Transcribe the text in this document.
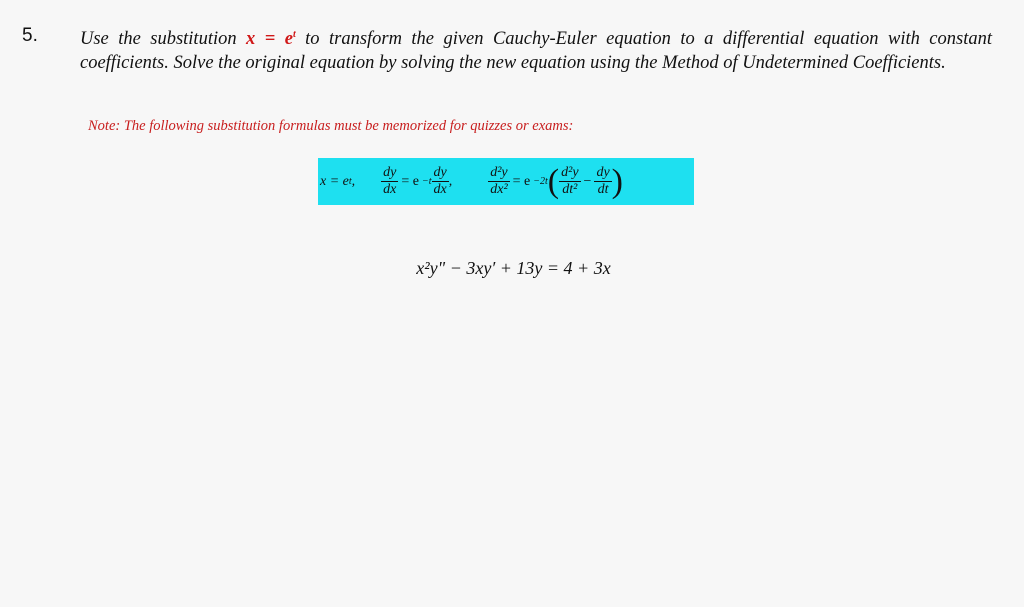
5. Use the substitution $x = e^t$ to transform the given Cauchy-Euler equation to a differential equation with constant coefficients. Solve the original equation by solving the new equation using the Method of Undetermined Coefficients.
Note: The following substitution formulas must be memorized for quizzes or exams:
x = e t , $\frac{dy}{dx} = e -t \frac{dy}{dx}$ ,	$\frac{\text{d²y}}{\text{dx²}} = e -2t$ ( $\frac{\text{d²y}}{\text{dt²}} - \frac{dy}{dt}$ )
x²y" − 3xy′ + 13y = 4 + 3x
